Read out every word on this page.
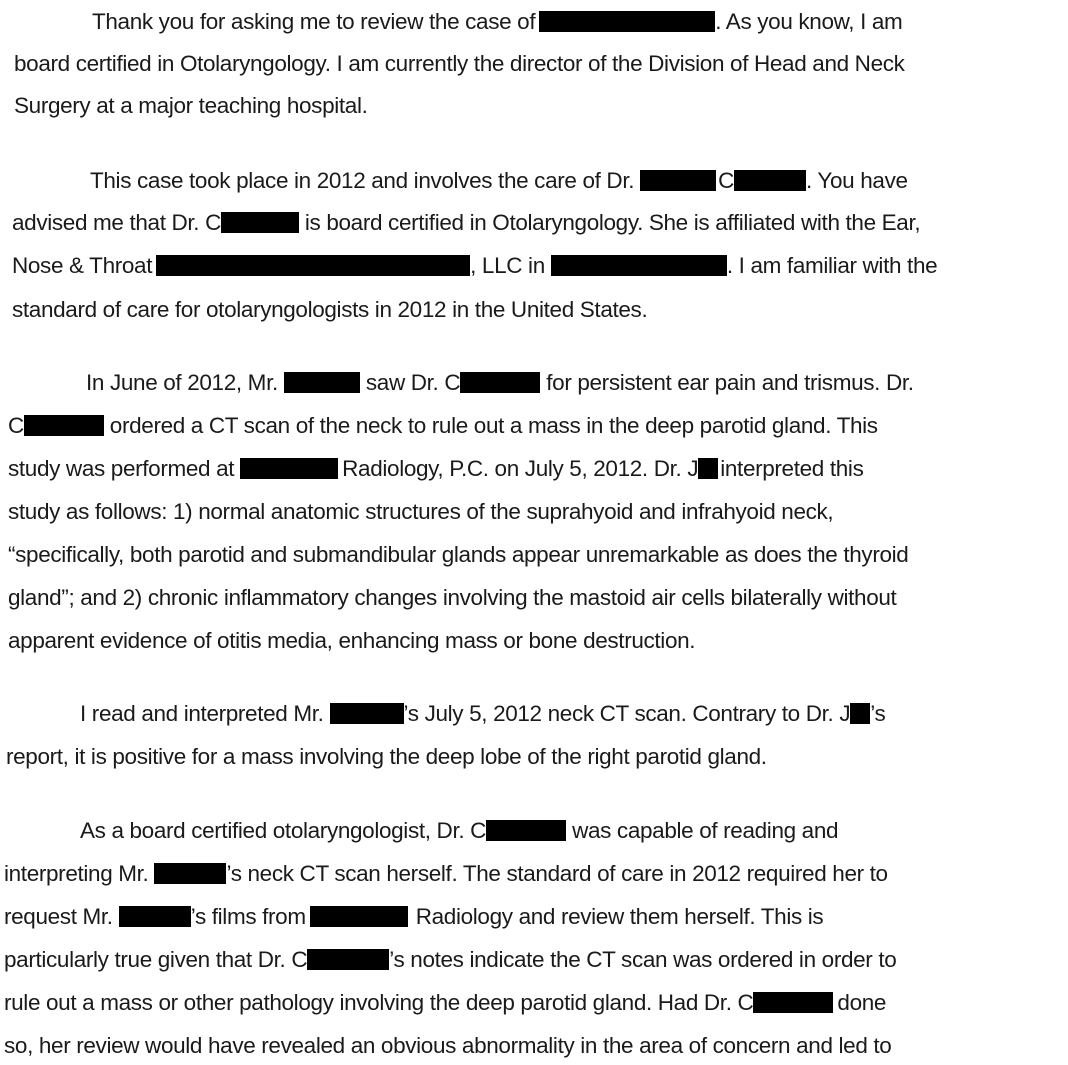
Thank you for asking me to review the case of	. As you know, I am
board certified in Otolaryngology. I am currently the director of the Division of Head and Neck
Surgery at a major teaching hospital.
This case took place in 2012 and involves the care of Dr.	C	. You have
advised me that Dr. C	is board certified in Otolaryngology. She is affiliated with the Ear,
Nose & Throat	, LLC in	. I am familiar with the
standard of care for otolaryngologists in 2012 in the United States.
In June of 2012, Mr.	saw Dr. C	for persistent ear pain and trismus. Dr.
C	ordered a CT scan of the neck to rule out a mass in the deep parotid gland. This
study was performed at	Radiology, P.C. on July 5, 2012. Dr. J interpreted this
study as follows: 1) normal anatomic structures of the suprahyoid and infrahyoid neck,
“specifically, both parotid and submandibular glands appear unremarkable as does the thyroid
gland”; and 2) chronic inflammatory changes involving the mastoid air cells bilaterally without
apparent evidence of otitis media, enhancing mass or bone destruction.
I read and interpreted Mr.	’s July 5, 2012 neck CT scan. Contrary to Dr. J ’s
report, it is positive for a mass involving the deep lobe of the right parotid gland.
As a board certified otolaryngologist, Dr. C	was capable of reading and
interpreting Mr.	’s neck CT scan herself. The standard of care in 2012 required her to
request Mr.	’s films from	Radiology and review them herself. This is
particularly true given that Dr. C	’s notes indicate the CT scan was ordered in order to
rule out a mass or other pathology involving the deep parotid gland. Had Dr. C	done
so, her review would have revealed an obvious abnormality in the area of concern and led to
